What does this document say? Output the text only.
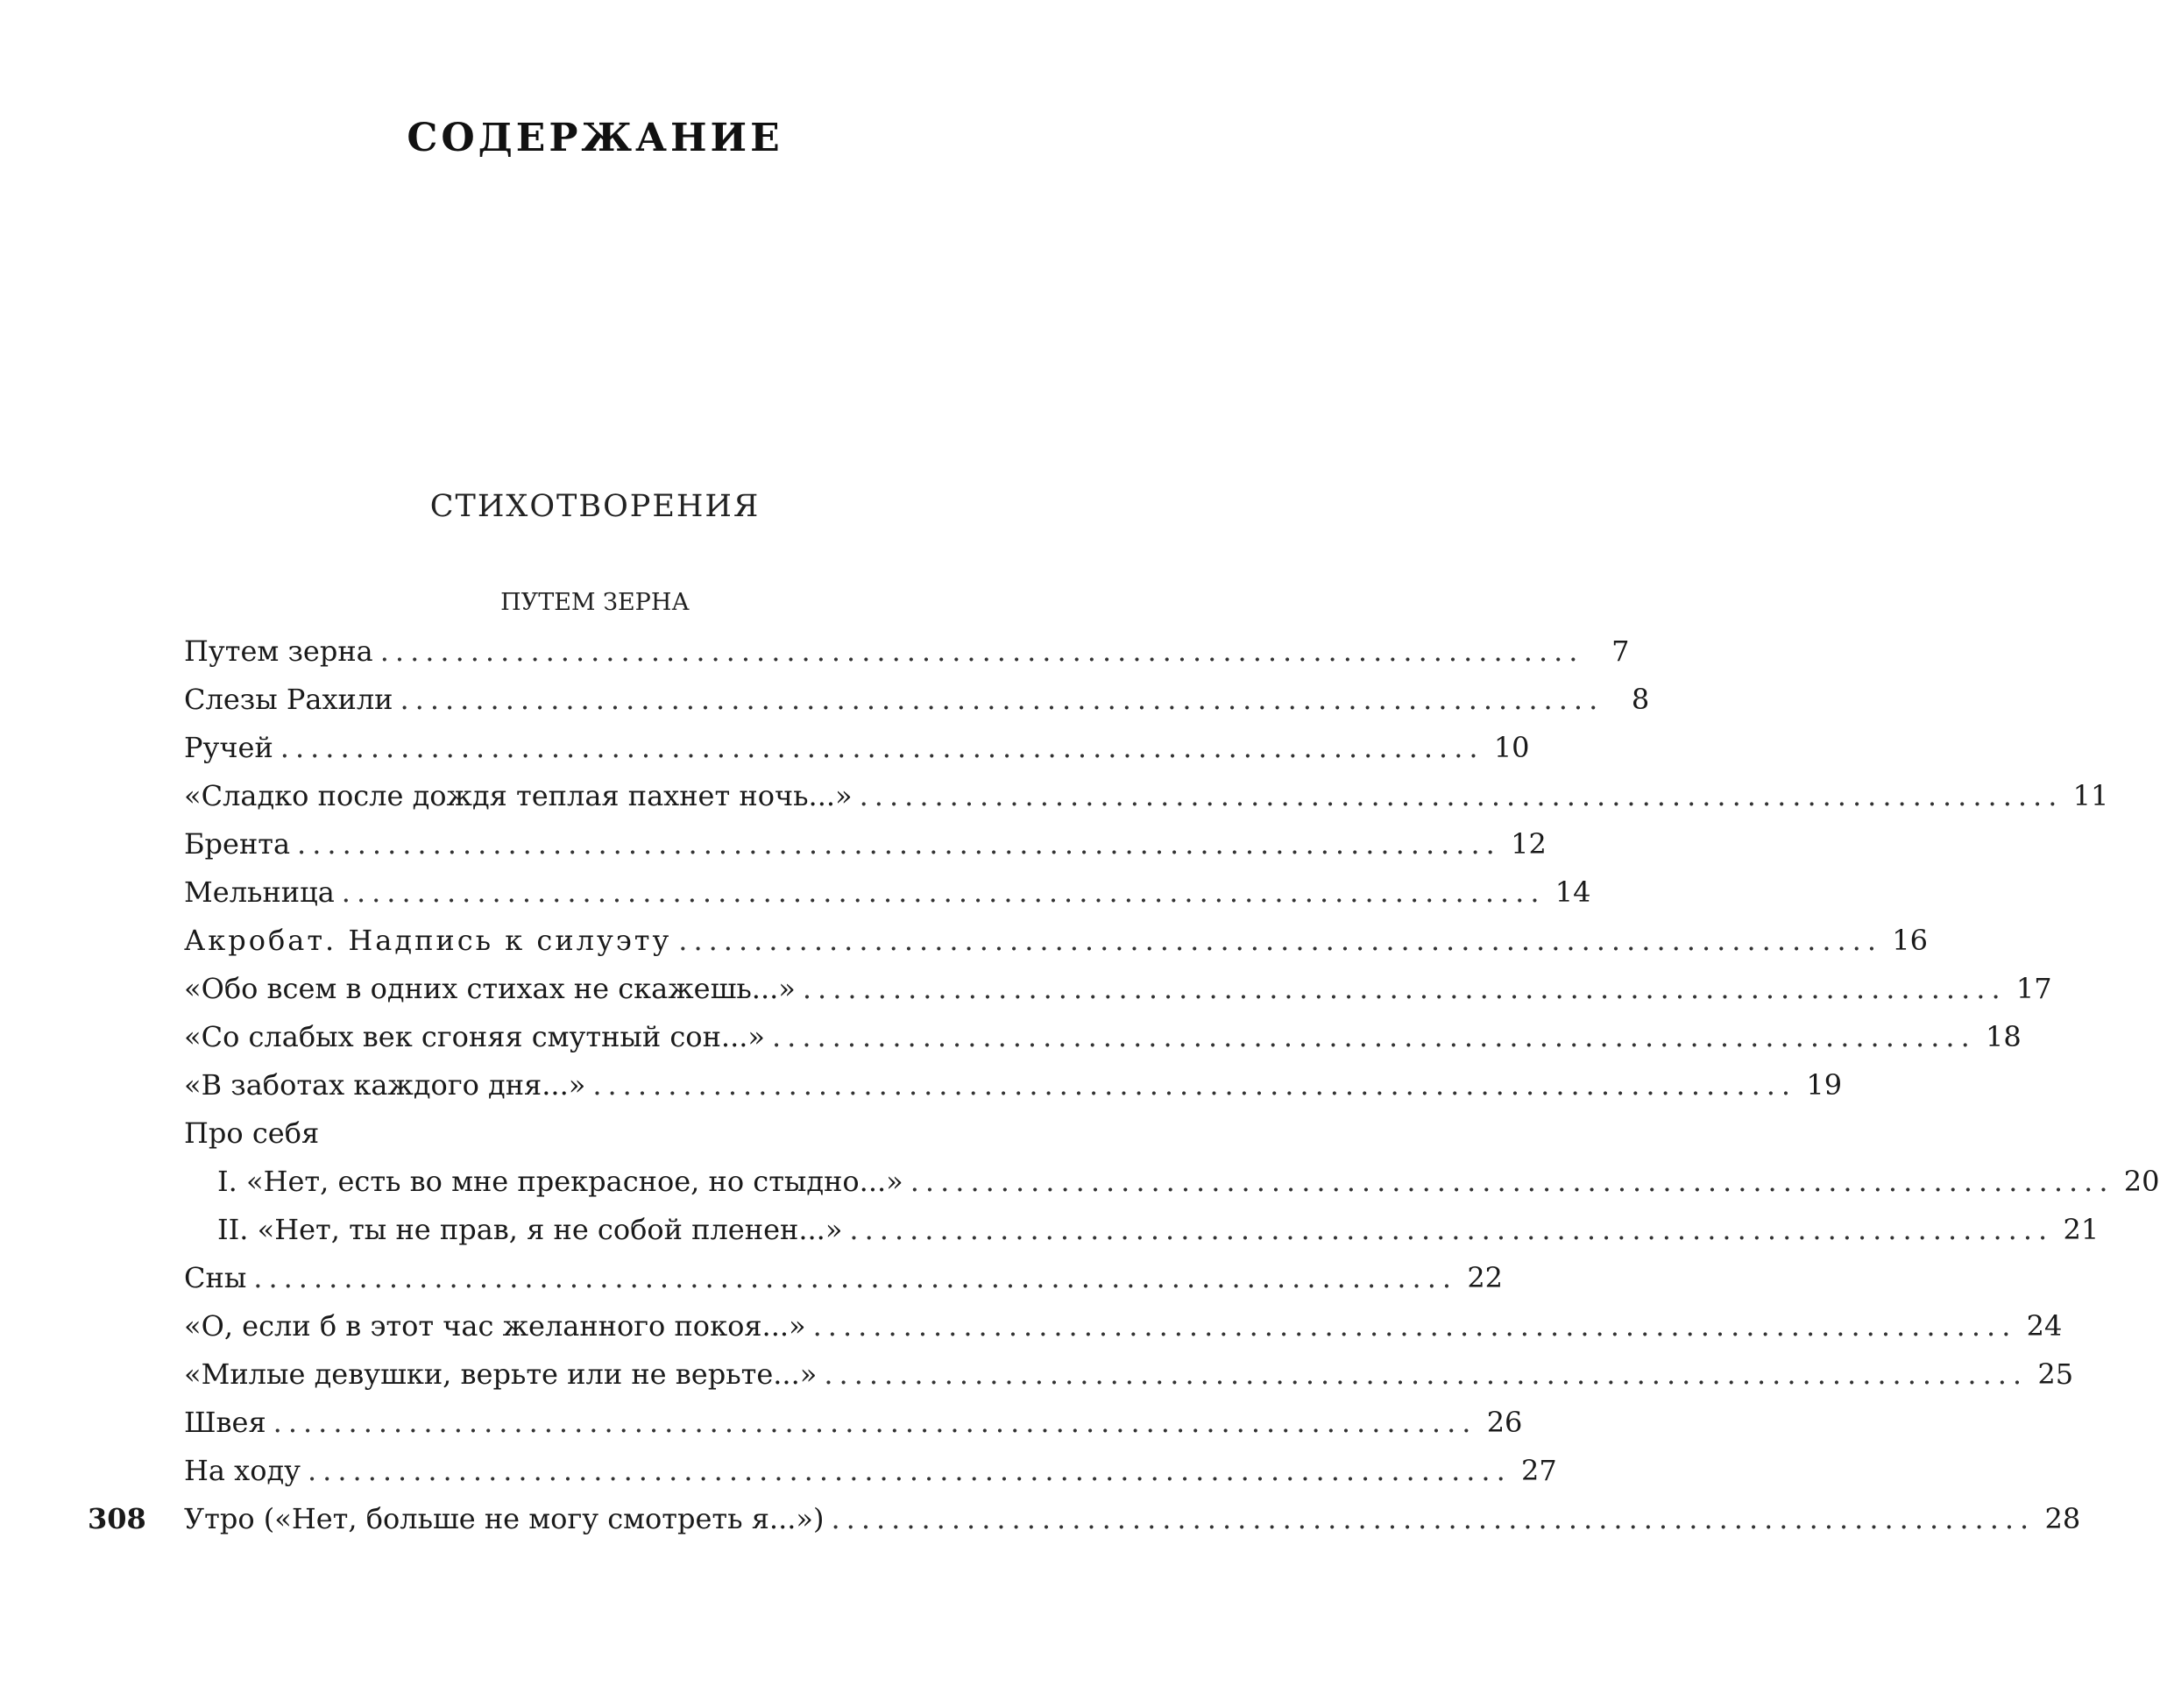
СОДЕРЖАНИЕ
СТИХОТВОРЕНИЯ
ПУТЕМ ЗЕРНА
Путем зерна ................................................................................ 7
Слезы Рахили ................................................................................ 8
Ручей ................................................................................ 10
«Сладко после дождя теплая пахнет ночь...» ................................................................................ 11
Брента ................................................................................ 12
Мельница ................................................................................ 14
Акробат. Надпись к силуэту ................................................................................ 16
«Обо всем в одних стихах не скажешь...» ................................................................................ 17
«Со слабых век сгоняя смутный сон...» ................................................................................ 18
«В заботах каждого дня...» ................................................................................ 19
Про себя
I. «Нет, есть во мне прекрасное, но стыдно...» ................................................................................ 20
II. «Нет, ты не прав, я не собой пленен...» ................................................................................ 21
Сны ................................................................................ 22
«О, если б в этот час желанного покоя...» ................................................................................ 24
«Милые девушки, верьте или не верьте...» ................................................................................ 25
Швея ................................................................................ 26
На ходу ................................................................................ 27
Утро («Нет, больше не могу смотреть я...») ................................................................................ 28
308
